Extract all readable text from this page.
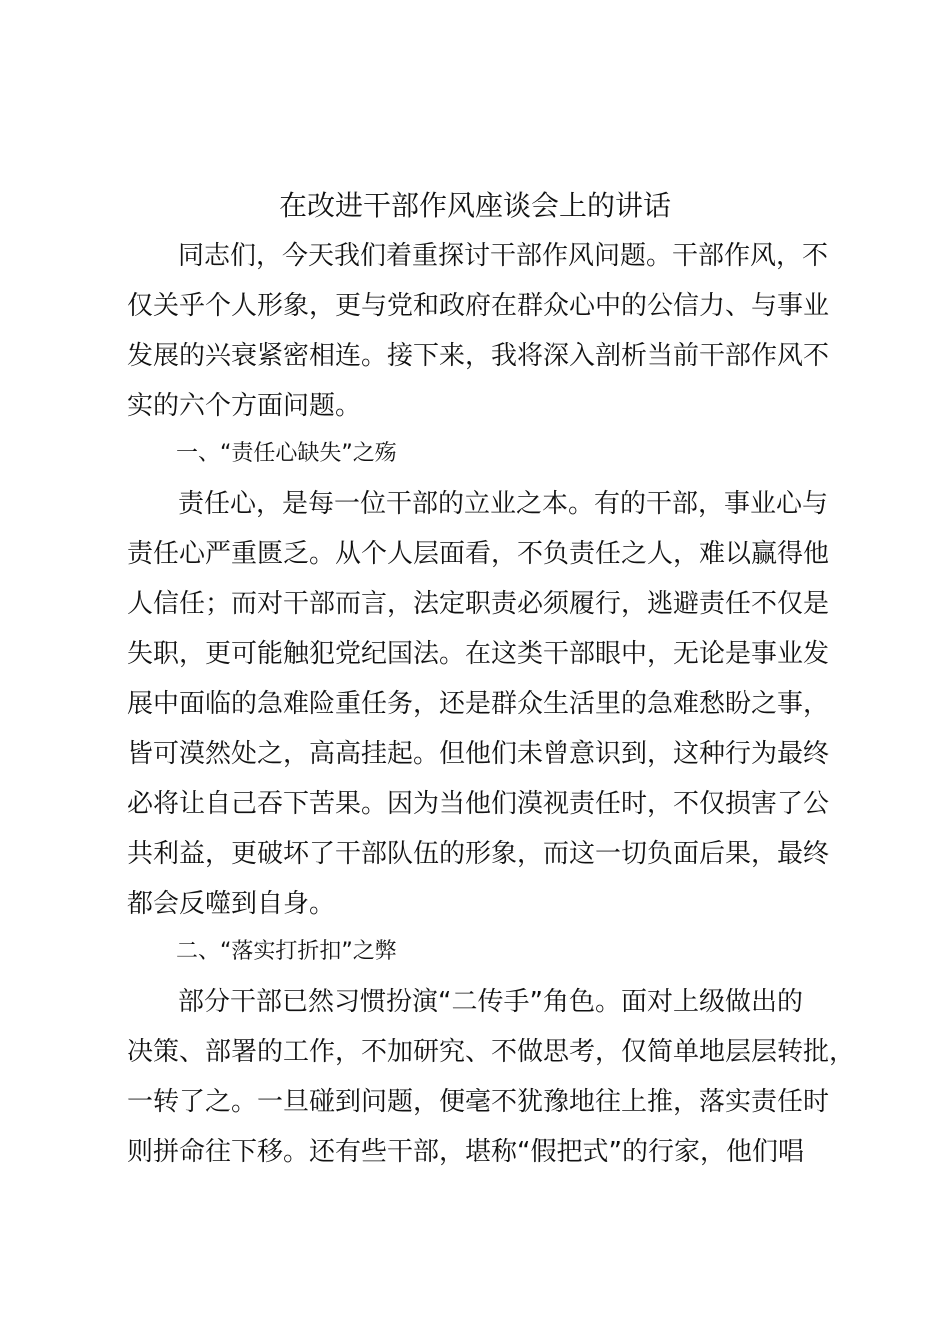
在改进干部作风座谈会上的讲话
同志们，今天我们着重探讨干部作风问题。干部作风，不
仅关乎个人形象，更与党和政府在群众心中的公信力、与事业
发展的兴衰紧密相连。接下来，我将深入剖析当前干部作风不
实的六个方面问题。
一、“责任心缺失”之殇
责任心，是每一位干部的立业之本。有的干部，事业心与
责任心严重匮乏。从个人层面看，不负责任之人，难以赢得他
人信任；而对干部而言，法定职责必须履行，逃避责任不仅是
失职，更可能触犯党纪国法。在这类干部眼中，无论是事业发
展中面临的急难险重任务，还是群众生活里的急难愁盼之事，
皆可漠然处之，高高挂起。但他们未曾意识到，这种行为最终
必将让自己吞下苦果。因为当他们漠视责任时，不仅损害了公
共利益，更破坏了干部队伍的形象，而这一切负面后果，最终
都会反噬到自身。
二、“落实打折扣”之弊
部分干部已然习惯扮演“二传手”角色。面对上级做出的
决策、部署的工作，不加研究、不做思考，仅简单地层层转批，
一转了之。一旦碰到问题，便毫不犹豫地往上推，落实责任时
则拼命往下移。还有些干部，堪称“假把式”的行家，他们唱
